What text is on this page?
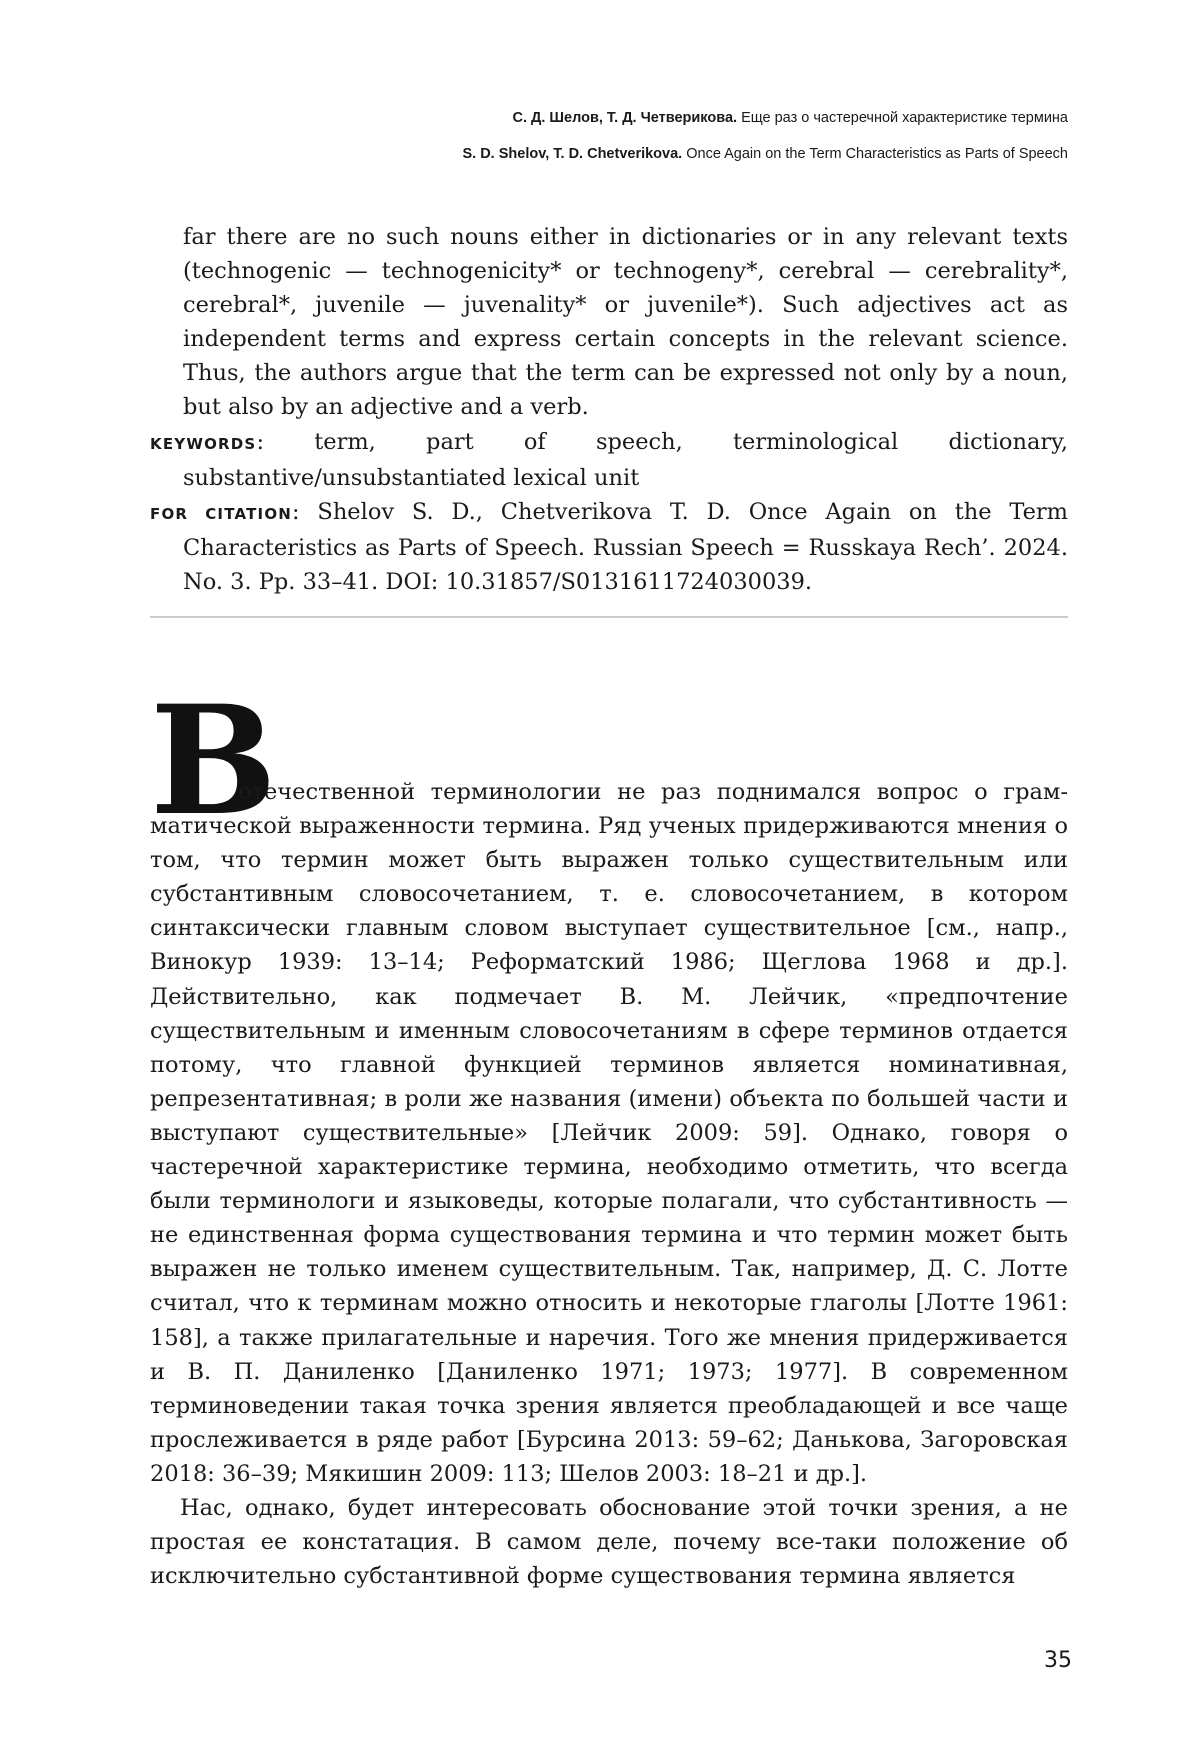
С. Д. Шелов, Т. Д. Четверикова. Еще раз о частеречной характеристике термина
S. D. Shelov, T. D. Chetverikova. Once Again on the Term Characteristics as Parts of Speech

far there are no such nouns either in dictionaries or in any relevant texts (technogenic — technogenicity* or technogeny*, cerebral — cerebrality*, cerebral*, juvenile — juvenality* or juvenile*). Such adjectives act as independent terms and express certain concepts in the relevant science. Thus, the authors argue that the term can be expressed not only by a noun, but also by an adjective and a verb.

KEYWORDS: term, part of speech, terminological dictionary, substantive/unsubstantiated lexical unit

FOR CITATION: Shelov S. D., Chetverikova T. D. Once Again on the Term Characteristics as Parts of Speech. Russian Speech = Russkaya Rech’. 2024. No. 3. Pp. 33–41. DOI: 10.31857/S0131611724030039.

В

отечественной терминологии не раз поднимался вопрос о грам-

матической выраженности термина. Ряд ученых придерживаются мнения о том, что термин может быть выражен только существительным или субстантивным словосочетанием, т. е. словосочетанием, в котором синтаксически главным словом выступает существительное [см., напр., Винокур 1939: 13–14; Реформатский 1986; Щеглова 1968 и др.]. Действительно, как подмечает В. М. Лейчик, «предпочтение существительным и именным словосочетаниям в сфере терминов отдается потому, что главной функцией терминов является номинативная, репрезентативная; в роли же названия (имени) объекта по большей части и выступают существительные» [Лейчик 2009: 59]. Однако, говоря о частеречной характеристике термина, необходимо отметить, что всегда были терминологи и языковеды, которые полагали, что субстантивность — не единственная форма существования термина и что термин может быть выражен не только именем существительным. Так, например, Д. С. Лотте считал, что к терминам можно относить и некоторые глаголы [Лотте 1961: 158], а также прилагательные и наречия. Того же мнения придерживается и В. П. Даниленко [Даниленко 1971; 1973; 1977]. В современном терминоведении такая точка зрения является преобладающей и все чаще прослеживается в ряде работ [Бурсина 2013: 59–62; Данькова, Загоровская 2018: 36–39; Мякишин 2009: 113; Шелов 2003: 18–21 и др.].

Нас, однако, будет интересовать обоснование этой точки зрения, а не простая ее констатация. В самом деле, почему все-таки положение об исключительно субстантивной форме существования термина является

35
